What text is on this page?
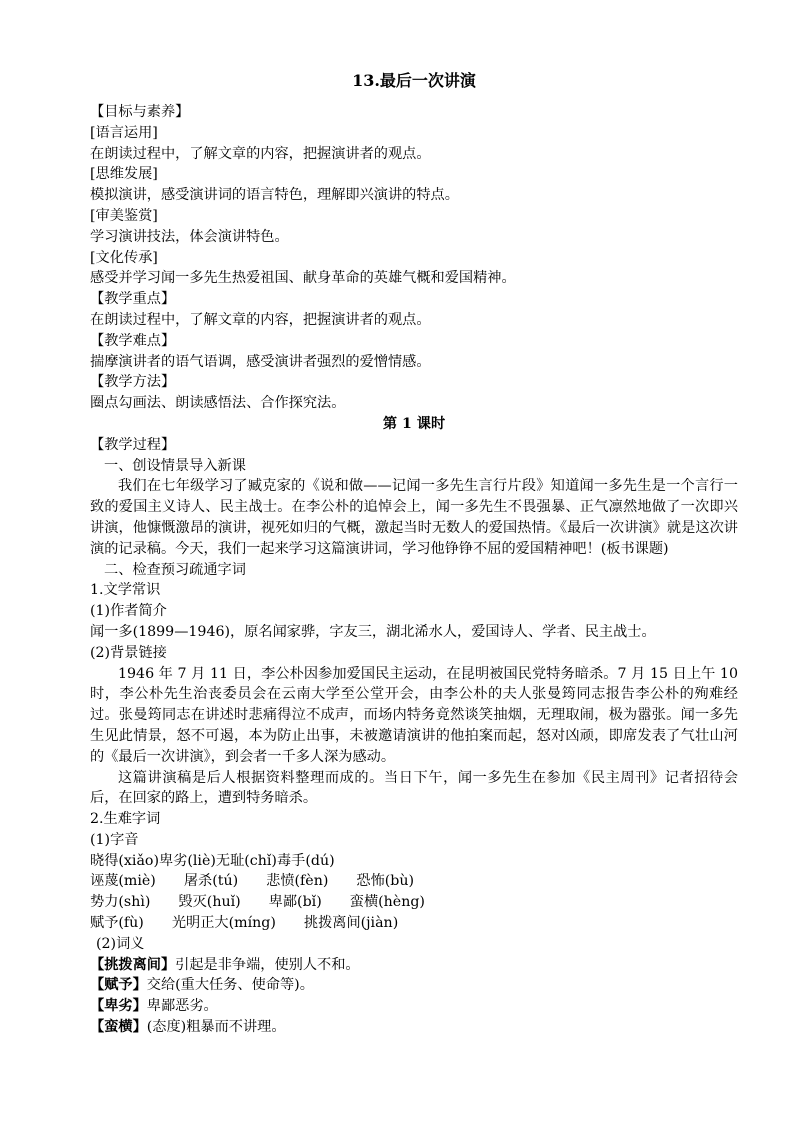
13.最后一次讲演
【目标与素养】
[语言运用]
在朗读过程中，了解文章的内容，把握演讲者的观点。
[思维发展]
模拟演讲，感受演讲词的语言特色，理解即兴演讲的特点。
[审美鉴赏]
学习演讲技法，体会演讲特色。
[文化传承]
感受并学习闻一多先生热爱祖国、献身革命的英雄气概和爱国精神。
【教学重点】
在朗读过程中，了解文章的内容，把握演讲者的观点。
【教学难点】
揣摩演讲者的语气语调，感受演讲者强烈的爱憎情感。
【教学方法】
圈点勾画法、朗读感悟法、合作探究法。
第 1 课时
【教学过程】
一、创设情景导入新课

我们在七年级学习了臧克家的《说和做——记闻一多先生言行片段》知道闻一多先生是一个言行一致的爱国主义诗人、民主战士。在李公朴的追悼会上，闻一多先生不畏强暴、正气凛然地做了一次即兴讲演，他慷慨激昂的演讲，视死如归的气概，激起当时无数人的爱国热情。《最后一次讲演》就是这次讲演的记录稿。今天，我们一起来学习这篇演讲词，学习他铮铮不屈的爱国精神吧！(板书课题)

二、检查预习疏通字词
1.文学常识
(1)作者简介
闻一多(1899—1946)，原名闻家骅，字友三，湖北浠水人，爱国诗人、学者、民主战士。
(2)背景链接

1946 年 7 月 11 日，李公朴因参加爱国民主运动，在昆明被国民党特务暗杀。7 月 15 日上午 10 时，李公朴先生治丧委员会在云南大学至公堂开会，由李公朴的夫人张曼筠同志报告李公朴的殉难经过。张曼筠同志在讲述时悲痛得泣不成声，而场内特务竟然谈笑抽烟，无理取闹，极为嚣张。闻一多先生见此情景，怒不可遏，本为防止出事，未被邀请演讲的他拍案而起，怒对凶顽，即席发表了气壮山河的《最后一次讲演》，到会者一千多人深为感动。

这篇讲演稿是后人根据资料整理而成的。当日下午，闻一多先生在参加《民主周刊》记者招待会后，在回家的路上，遭到特务暗杀。

2.生难字词
(1)字音
晓得(xiǎo)卑劣(liè)无耻(chǐ)毒手(dú)
诬蔑(miè) 屠杀(tú) 悲愤(fèn) 恐怖(bù)
势力(shì) 毁灭(huǐ) 卑鄙(bǐ) 蛮横(hèng)
赋予(fù) 光明正大(míng) 挑拨离间(jiàn)
(2)词义
【挑拨离间】引起是非争端，使别人不和。
【赋予】交给(重大任务、使命等)。
【卑劣】卑鄙恶劣。
【蛮横】(态度)粗暴而不讲理。
